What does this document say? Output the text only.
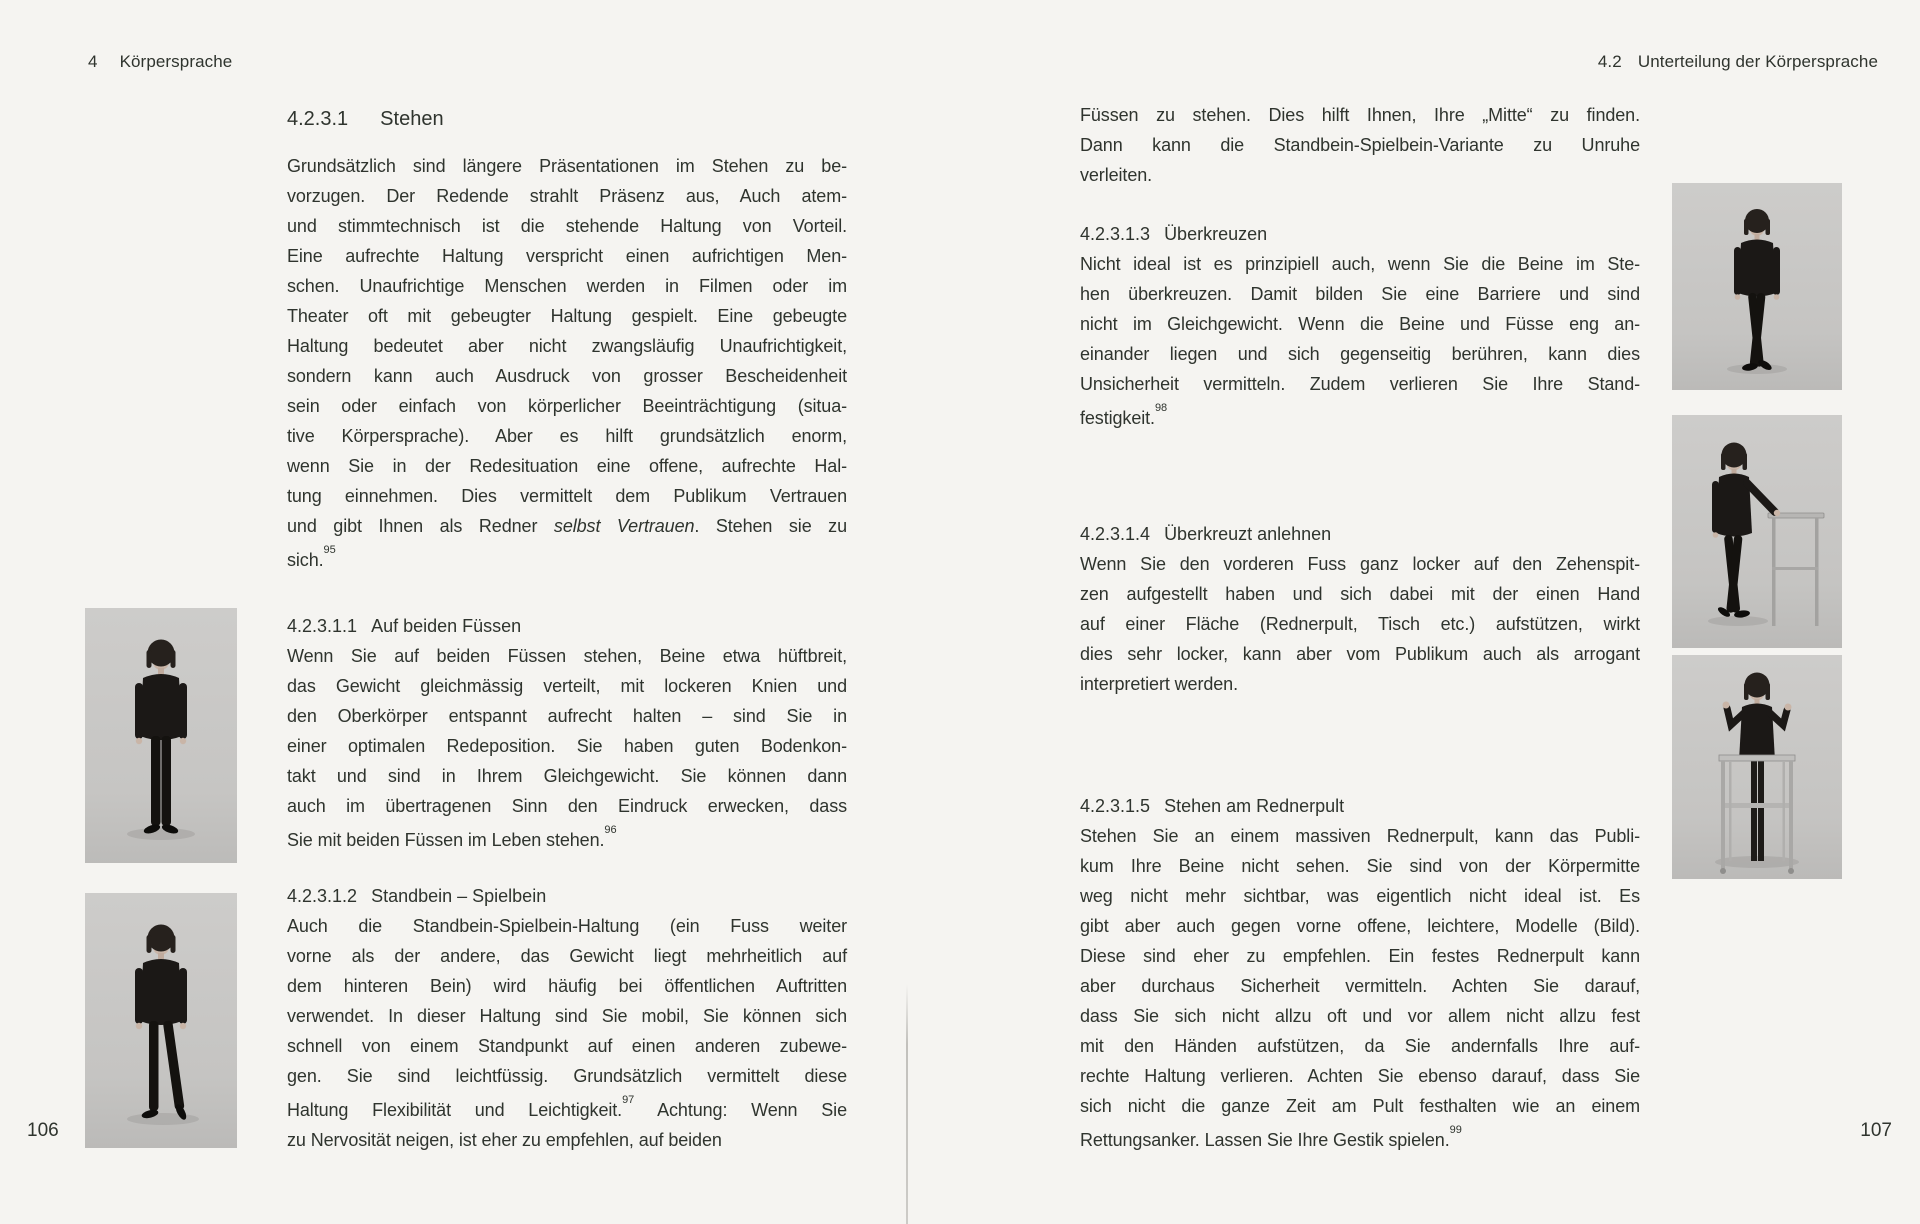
4 Körpersprache
4.2.3.1 Stehen
Grundsätzlich sind längere Präsentationen im Stehen zu be-
vorzugen. Der Redende strahlt Präsenz aus, Auch atem-
und stimmtechnisch ist die stehende Haltung von Vorteil.
Eine aufrechte Haltung verspricht einen aufrichtigen Men-
schen. Unaufrichtige Menschen werden in Filmen oder im
Theater oft mit gebeugter Haltung gespielt. Eine gebeugte
Haltung bedeutet aber nicht zwangsläufig Unaufrichtigkeit,
sondern kann auch Ausdruck von grosser Bescheidenheit
sein oder einfach von körperlicher Beeinträchtigung (situa-
tive Körpersprache). Aber es hilft grundsätzlich enorm,
wenn Sie in der Redesituation eine offene, aufrechte Hal-
tung einnehmen. Dies vermittelt dem Publikum Vertrauen
und gibt Ihnen als Redner selbst Vertrauen. Stehen sie zu
sich.$^{95}$
4.2.3.1.1 Auf beiden Füssen
Wenn Sie auf beiden Füssen stehen, Beine etwa hüftbreit,
das Gewicht gleichmässig verteilt, mit lockeren Knien und
den Oberkörper entspannt aufrecht halten – sind Sie in
einer optimalen Redeposition. Sie haben guten Bodenkon-
takt und sind in Ihrem Gleichgewicht. Sie können dann
auch im übertragenen Sinn den Eindruck erwecken, dass
Sie mit beiden Füssen im Leben stehen.$^{96}$
4.2.3.1.2 Standbein – Spielbein
Auch die Standbein-Spielbein-Haltung (ein Fuss weiter
vorne als der andere, das Gewicht liegt mehrheitlich auf
dem hinteren Bein) wird häufig bei öffentlichen Auftritten
verwendet. In dieser Haltung sind Sie mobil, Sie können sich
schnell von einem Standpunkt auf einen anderen zubewe-
gen. Sie sind leichtfüssig. Grundsätzlich vermittelt diese
Haltung Flexibilität und Leichtigkeit.$^{97}$ Achtung: Wenn Sie
zu Nervosität neigen, ist eher zu empfehlen, auf beiden
106
4.2 Unterteilung der Körpersprache
Füssen zu stehen. Dies hilft Ihnen, Ihre „Mitte“ zu finden.
Dann kann die Standbein-Spielbein-Variante zu Unruhe
verleiten.
4.2.3.1.3 Überkreuzen
Nicht ideal ist es prinzipiell auch, wenn Sie die Beine im Ste-
hen überkreuzen. Damit bilden Sie eine Barriere und sind
nicht im Gleichgewicht. Wenn die Beine und Füsse eng an-
einander liegen und sich gegenseitig berühren, kann dies
Unsicherheit vermitteln. Zudem verlieren Sie Ihre Stand-
festigkeit.$^{98}$
4.2.3.1.4 Überkreuzt anlehnen
Wenn Sie den vorderen Fuss ganz locker auf den Zehenspit-
zen aufgestellt haben und sich dabei mit der einen Hand
auf einer Fläche (Rednerpult, Tisch etc.) aufstützen, wirkt
dies sehr locker, kann aber vom Publikum auch als arrogant
interpretiert werden.
4.2.3.1.5 Stehen am Rednerpult
Stehen Sie an einem massiven Rednerpult, kann das Publi-
kum Ihre Beine nicht sehen. Sie sind von der Körpermitte
weg nicht mehr sichtbar, was eigentlich nicht ideal ist. Es
gibt aber auch gegen vorne offene, leichtere, Modelle (Bild).
Diese sind eher zu empfehlen. Ein festes Rednerpult kann
aber durchaus Sicherheit vermitteln. Achten Sie darauf,
dass Sie sich nicht allzu oft und vor allem nicht allzu fest
mit den Händen aufstützen, da Sie andernfalls Ihre auf-
rechte Haltung verlieren. Achten Sie ebenso darauf, dass Sie
sich nicht die ganze Zeit am Pult festhalten wie an einem
Rettungsanker. Lassen Sie Ihre Gestik spielen.$^{99}$	107
